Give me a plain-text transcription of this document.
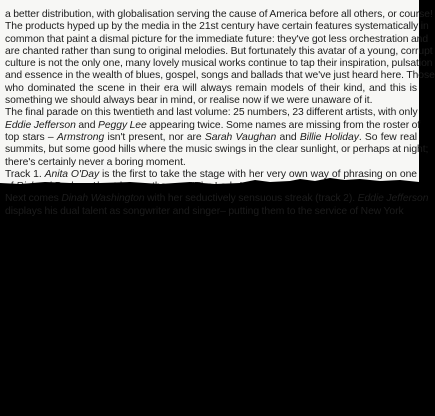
a better distribution, with globalisation serving the cause of America before all others, or course!
The products hyped up by the media in the 21st century have certain features systematically in
common that paint a dismal picture for the immediate future: they've got less orchestration and
are chanted rather than sung to original melodies. But fortunately this avatar of a young, corrupt
culture is not the only one, many lovely musical works continue to tap their inspiration, pulsation
and essence in the wealth of blues, gospel, songs and ballads that we've just heard here. Those
who dominated the scene in their era will always remain models of their kind, and this is
something we should always bear in mind, or realise now if we were unaware of it.

The final parade on this twentieth and last volume: 25 numbers, 23 different artists, with only
Eddie Jefferson and Peggy Lee appearing twice. Some names are missing from the roster of
top stars – Armstrong isn't present, nor are Sarah Vaughan and Billie Holiday. So few real
summits, but some good hills where the music swings in the clear sunlight, or perhaps at night;
there's certainly never a boring moment.

Track 1. Anita O'Day is the first to take the stage with her very own way of phrasing on one

Next comes Dinah Washington with her seductively sensuous streak (track 2). Eddie Jefferson
displays his dual talent as songwriter and singer– putting them to the service of New York
